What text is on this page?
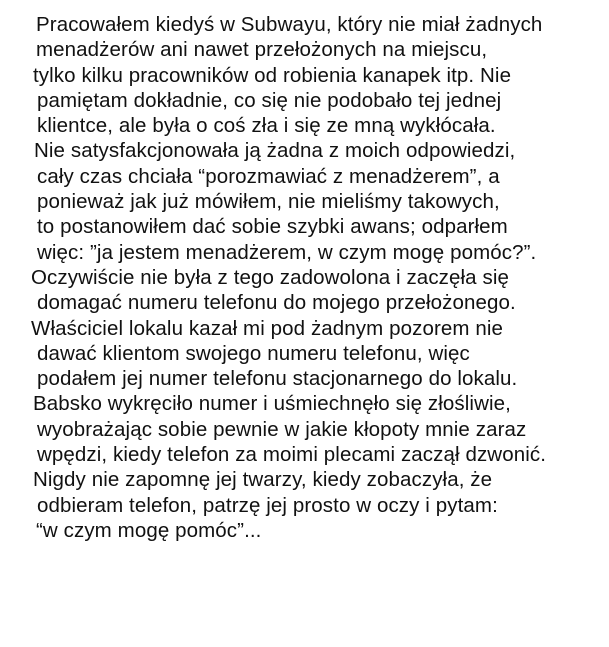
Pracowałem kiedyś w Subwayu, który nie miał żadnych
menadżerów ani nawet przełożonych na miejscu,
tylko kilku pracowników od robienia kanapek itp. Nie
pamiętam dokładnie, co się nie podobało tej jednej
klientce, ale była o coś zła i się ze mną wykłócała.
Nie satysfakcjonowała ją żadna z moich odpowiedzi,
cały czas chciała “porozmawiać z menadżerem”, a
ponieważ jak już mówiłem, nie mieliśmy takowych,
to postanowiłem dać sobie szybki awans; odparłem
więc: ”ja jestem menadżerem, w czym mogę pomóc?”.
Oczywiście nie była z tego zadowolona i zaczęła się
domagać numeru telefonu do mojego przełożonego.
Właściciel lokalu kazał mi pod żadnym pozorem nie
dawać klientom swojego numeru telefonu, więc
podałem jej numer telefonu stacjonarnego do lokalu.
Babsko wykręciło numer i uśmiechnęło się złośliwie,
wyobrażając sobie pewnie w jakie kłopoty mnie zaraz
wpędzi, kiedy telefon za moimi plecami zaczął dzwonić.
Nigdy nie zapomnę jej twarzy, kiedy zobaczyła, że
odbieram telefon, patrzę jej prosto w oczy i pytam:
“w czym mogę pomóc”...
